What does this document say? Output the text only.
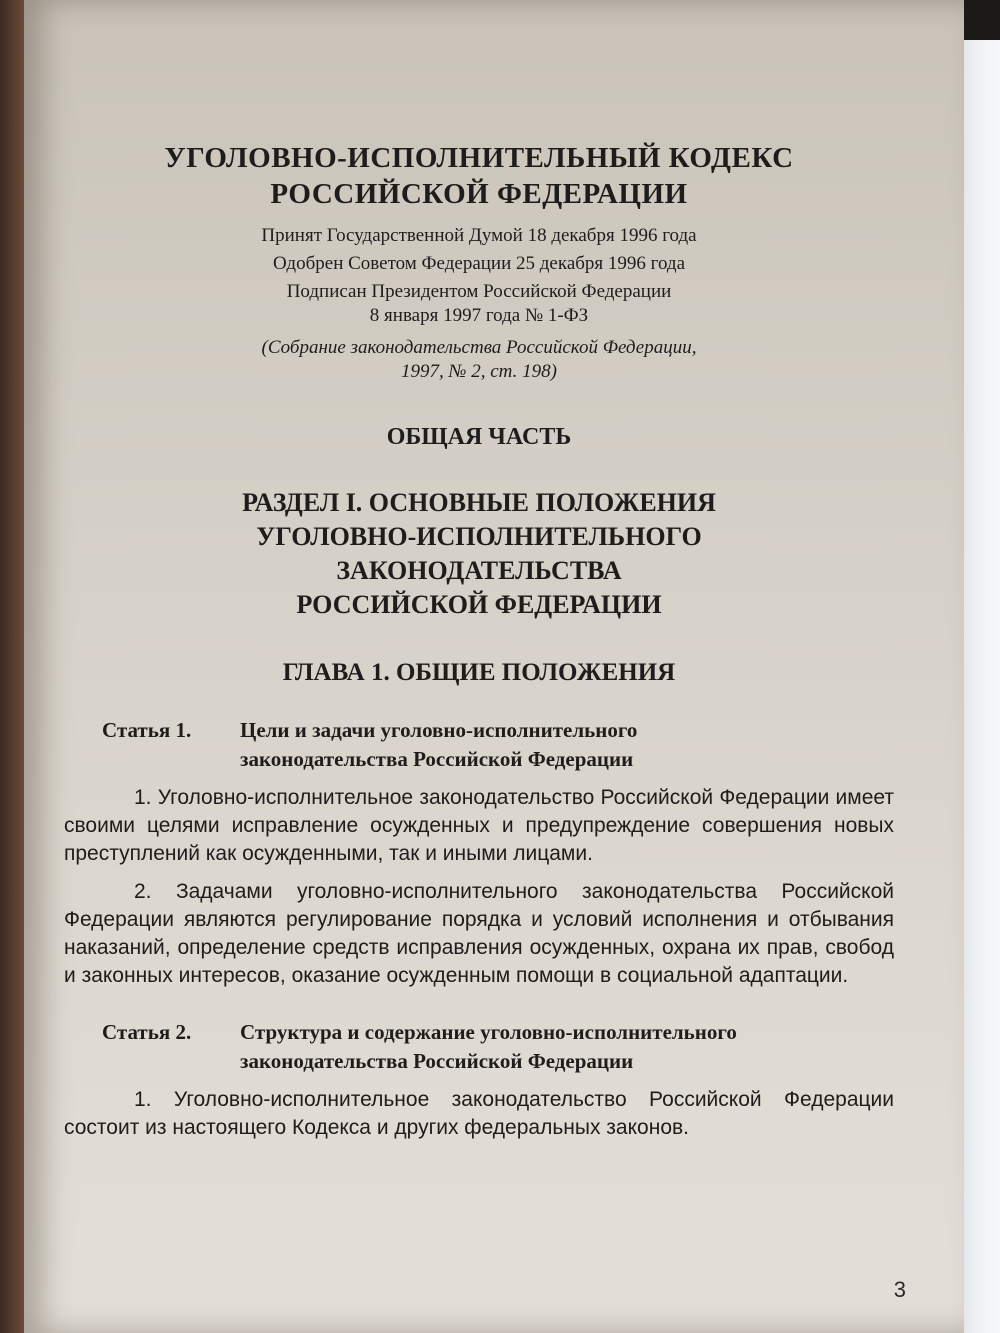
УГОЛОВНО-ИСПОЛНИТЕЛЬНЫЙ КОДЕКС
РОССИЙСКОЙ ФЕДЕРАЦИИ
Принят Государственной Думой 18 декабря 1996 года
Одобрен Советом Федерации 25 декабря 1996 года
Подписан Президентом Российской Федерации
8 января 1997 года № 1-ФЗ
(Собрание законодательства Российской Федерации,
1997, № 2, ст. 198)
ОБЩАЯ ЧАСТЬ
РАЗДЕЛ I. ОСНОВНЫЕ ПОЛОЖЕНИЯ
УГОЛОВНО-ИСПОЛНИТЕЛЬНОГО
ЗАКОНОДАТЕЛЬСТВА
РОССИЙСКОЙ ФЕДЕРАЦИИ
ГЛАВА 1. ОБЩИЕ ПОЛОЖЕНИЯ
Статья 1.	Цели и задачи уголовно-исполнительного
законодательства Российской Федерации

1. Уголовно-исполнительное законодательство Российской Федерации имеет своими целями исправление осужденных и предупреждение совершения новых преступлений как осужденными, так и иными лицами.

2. Задачами уголовно-исполнительного законодательства Российской Федерации являются регулирование порядка и условий исполнения и отбывания наказаний, определение средств исправления осужденных, охрана их прав, свобод и законных интересов, оказание осужденным помощи в социальной адаптации.

Статья 2.	Структура и содержание уголовно-исполнительного
законодательства Российской Федерации

1. Уголовно-исполнительное законодательство Российской Федерации состоит из настоящего Кодекса и других федеральных законов.

3
